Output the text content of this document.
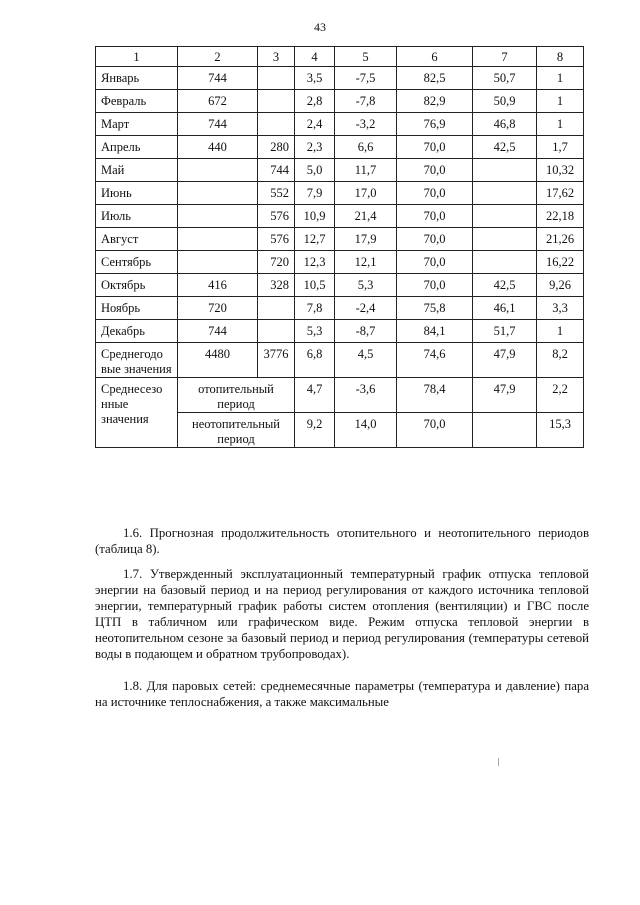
43
1	2	3	4	5	6	7	8
Январь	744		3,5	-7,5	82,5	50,7	1
Февраль	672		2,8	-7,8	82,9	50,9	1
Март	744		2,4	-3,2	76,9	46,8	1
Апрель	440	280	2,3	6,6	70,0	42,5	1,7
Май		744	5,0	11,7	70,0		10,32
Июнь		552	7,9	17,0	70,0		17,62
Июль		576	10,9	21,4	70,0		22,18
Август		576	12,7	17,9	70,0		21,26
Сентябрь		720	12,3	12,1	70,0		16,22
Октябрь	416	328	10,5	5,3	70,0	42,5	9,26
Ноябрь	720		7,8	-2,4	75,8	46,1	3,3
Декабрь	744		5,3	-8,7	84,1	51,7	1
Среднегодо вые значения	4480	3776	6,8	4,5	74,6	47,9	8,2
Среднесезо нные значения	отопительный период		4,7	-3,6	78,4	47,9	2,2
	неотопительный период		9,2	14,0	70,0		15,3
1.6. Прогнозная продолжительность отопительного и неотопительного периодов (таблица 8).
1.7. Утвержденный эксплуатационный температурный график отпуска тепловой энергии на базовый период и на период регулирования от каждого источника тепловой энергии, температурный график работы систем отопления (вентиляции) и ГВС после ЦТП в табличном или графическом виде. Режим отпуска тепловой энергии в неотопительном сезоне за базовый период и период регулирования (температуры сетевой воды в подающем и обратном трубопроводах).
1.8. Для паровых сетей: среднемесячные параметры (температура и давление) пара на источнике теплоснабжения, а также максимальные
